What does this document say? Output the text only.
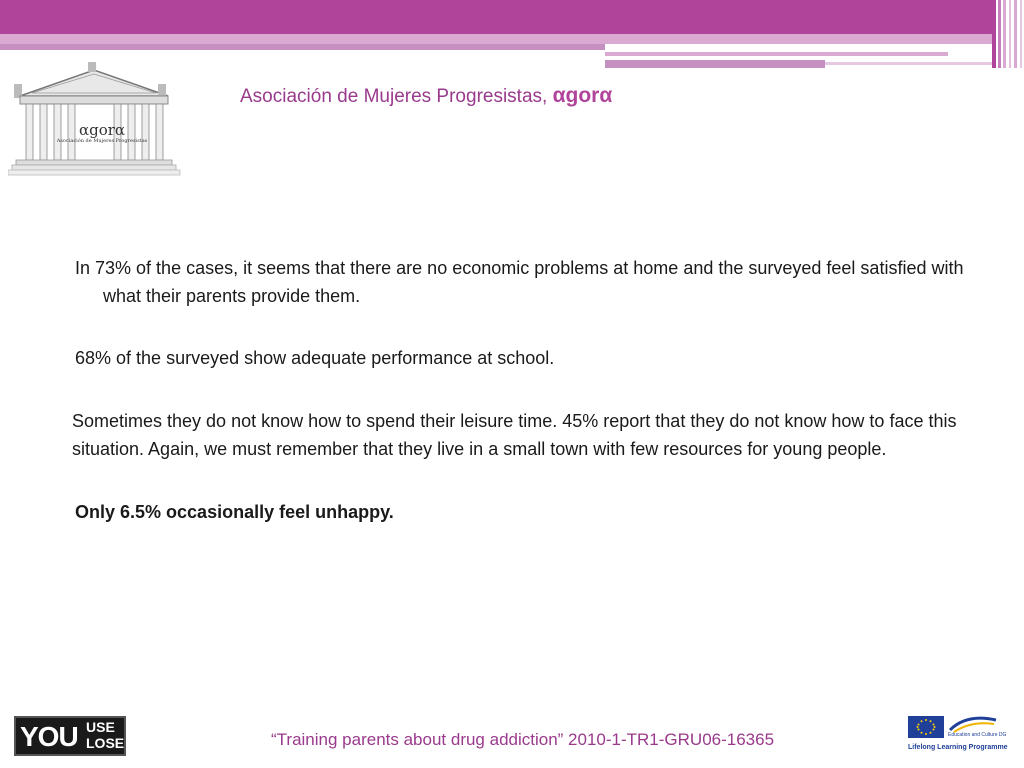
αgorα
Asociación de Mujeres Progresistas
Asociación de Mujeres Progresistas, αgorα
In 73% of the cases, it seems that there are no economic problems at home and the surveyed feel satisfied with what their parents provide them.
68% of the surveyed show adequate performance at school.
Sometimes they do not know how to spend their leisure time. 45% report that they do not know how to face this situation. Again, we must remember that they live in a small town with few resources for young people.
Only 6.5% occasionally feel unhappy.
YOU USE
LOSE	“Training parents about drug addiction” 2010-1-TR1-GRU06-16365	Education and Culture DG
Lifelong Learning Programme
